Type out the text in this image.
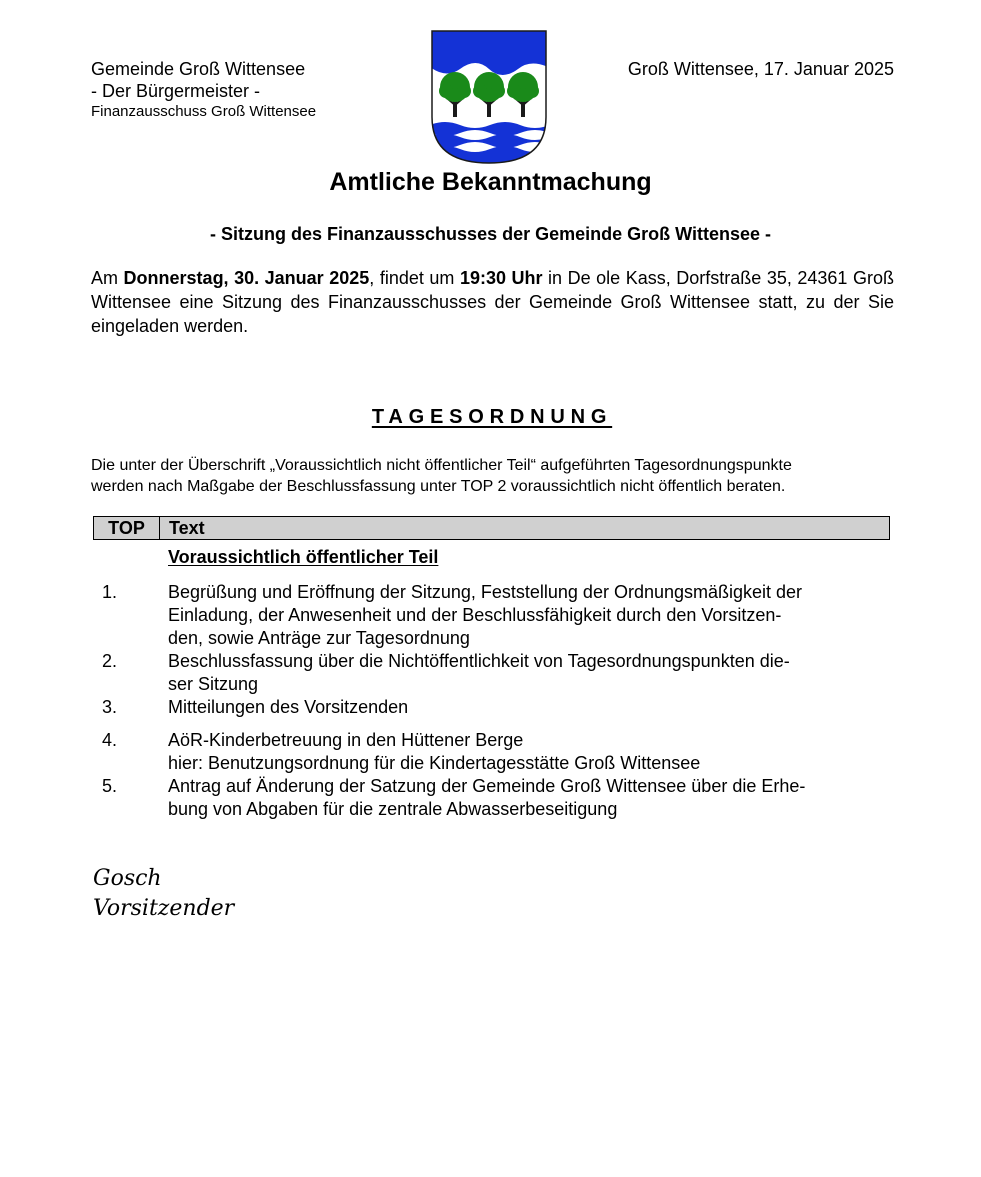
Gemeinde Groß Wittensee
- Der Bürgermeister -
Finanzausschuss Groß Wittensee
Groß Wittensee, 17. Januar 2025
Amtliche Bekanntmachung
- Sitzung des Finanzausschusses der Gemeinde Groß Wittensee -
Am Donnerstag, 30. Januar 2025, findet um 19:30 Uhr in De ole Kass, Dorfstraße 35, 24361 Groß Wittensee eine Sitzung des Finanzausschusses der Gemeinde Groß Wittensee statt, zu der Sie eingeladen werden.
TAGESORDNUNG
Die unter der Überschrift „Voraussichtlich nicht öffentlicher Teil“ aufgeführten Tagesordnungspunkte
werden nach Maßgabe der Beschlussfassung unter TOP 2 voraussichtlich nicht öffentlich beraten.
TOP	Text
Voraussichtlich öffentlicher Teil
1.	Begrüßung und Eröffnung der Sitzung, Feststellung der Ordnungsmäßigkeit der
Einladung, der Anwesenheit und der Beschlussfähigkeit durch den Vorsitzen-
den, sowie Anträge zur Tagesordnung
2.	Beschlussfassung über die Nichtöffentlichkeit von Tagesordnungspunkten die-
ser Sitzung
3.	Mitteilungen des Vorsitzenden
4.	AöR-Kinderbetreuung in den Hüttener Berge
hier: Benutzungsordnung für die Kindertagesstätte Groß Wittensee
5.	Antrag auf Änderung der Satzung der Gemeinde Groß Wittensee über die Erhe-
bung von Abgaben für die zentrale Abwasserbeseitigung
Gosch
Vorsitzender
